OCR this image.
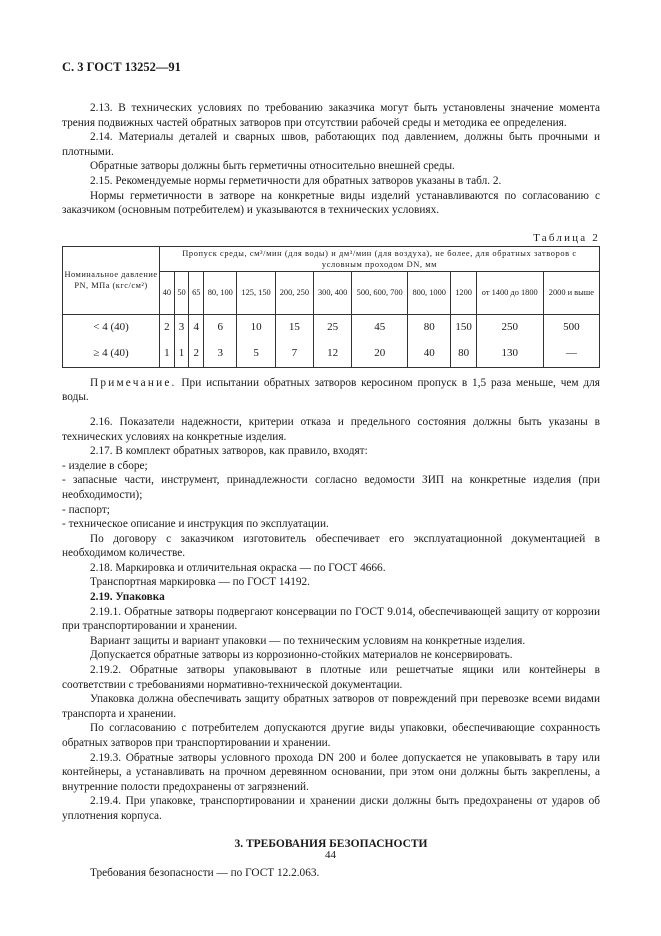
С. 3 ГОСТ 13252—91

2.13. В технических условиях по требованию заказчика могут быть установлены значение момента трения подвижных частей обратных затворов при отсутствии рабочей среды и методика ее определения.

2.14. Материалы деталей и сварных швов, работающих под давлением, должны быть прочными и плотными.

Обратные затворы должны быть герметичны относительно внешней среды.

2.15. Рекомендуемые нормы герметичности для обратных затворов указаны в табл. 2.

Нормы герметичности в затворе на конкретные виды изделий устанавливаются по согласованию с заказчиком (основным потребителем) и указываются в технических условиях.

Таблица 2
Номинальное давление PN, МПа (кгс/см²)	Пропуск среды, см³/мин (для воды) и дм³/мин (для воздуха), не более, для обратных затворов с условным проходом DN, мм											
	40	50	65	80, 100	125, 150	200, 250	300, 400	500, 600, 700	800, 1000	1200	от 1400 до 1800	2000 и выше
< 4 (40)	2	3	4	6	10	15	25	45	80	150	250	500
≥ 4 (40)	1	1	2	3	5	7	12	20	40	80	130	—
Примечание. При испытании обратных затворов керосином пропуск в 1,5 раза меньше, чем для воды.

2.16. Показатели надежности, критерии отказа и предельного состояния должны быть указаны в технических условиях на конкретные изделия.

2.17. В комплект обратных затворов, как правило, входят:

- изделие в сборе;

- запасные части, инструмент, принадлежности согласно ведомости ЗИП на конкретные изделия (при необходимости);

- паспорт;

- техническое описание и инструкция по эксплуатации.

По договору с заказчиком изготовитель обеспечивает его эксплуатационной документацией в необходимом количестве.

2.18. Маркировка и отличительная окраска — по ГОСТ 4666.

Транспортная маркировка — по ГОСТ 14192.

2.19. Упаковка

2.19.1. Обратные затворы подвергают консервации по ГОСТ 9.014, обеспечивающей защиту от коррозии при транспортировании и хранении.

Вариант защиты и вариант упаковки — по техническим условиям на конкретные изделия.

Допускается обратные затворы из коррозионно-стойких материалов не консервировать.

2.19.2. Обратные затворы упаковывают в плотные или решетчатые ящики или контейнеры в соответствии с требованиями нормативно-технической документации.

Упаковка должна обеспечивать защиту обратных затворов от повреждений при перевозке всеми видами транспорта и хранении.

По согласованию с потребителем допускаются другие виды упаковки, обеспечивающие сохранность обратных затворов при транспортировании и хранении.

2.19.3. Обратные затворы условного прохода DN 200 и более допускается не упаковывать в тару или контейнеры, а устанавливать на прочном деревянном основании, при этом они должны быть закреплены, а внутренние полости предохранены от загрязнений.

2.19.4. При упаковке, транспортировании и хранении диски должны быть предохранены от ударов об уплотнения корпуса.

3. ТРЕБОВАНИЯ БЕЗОПАСНОСТИ

Требования безопасности — по ГОСТ 12.2.063.

44
